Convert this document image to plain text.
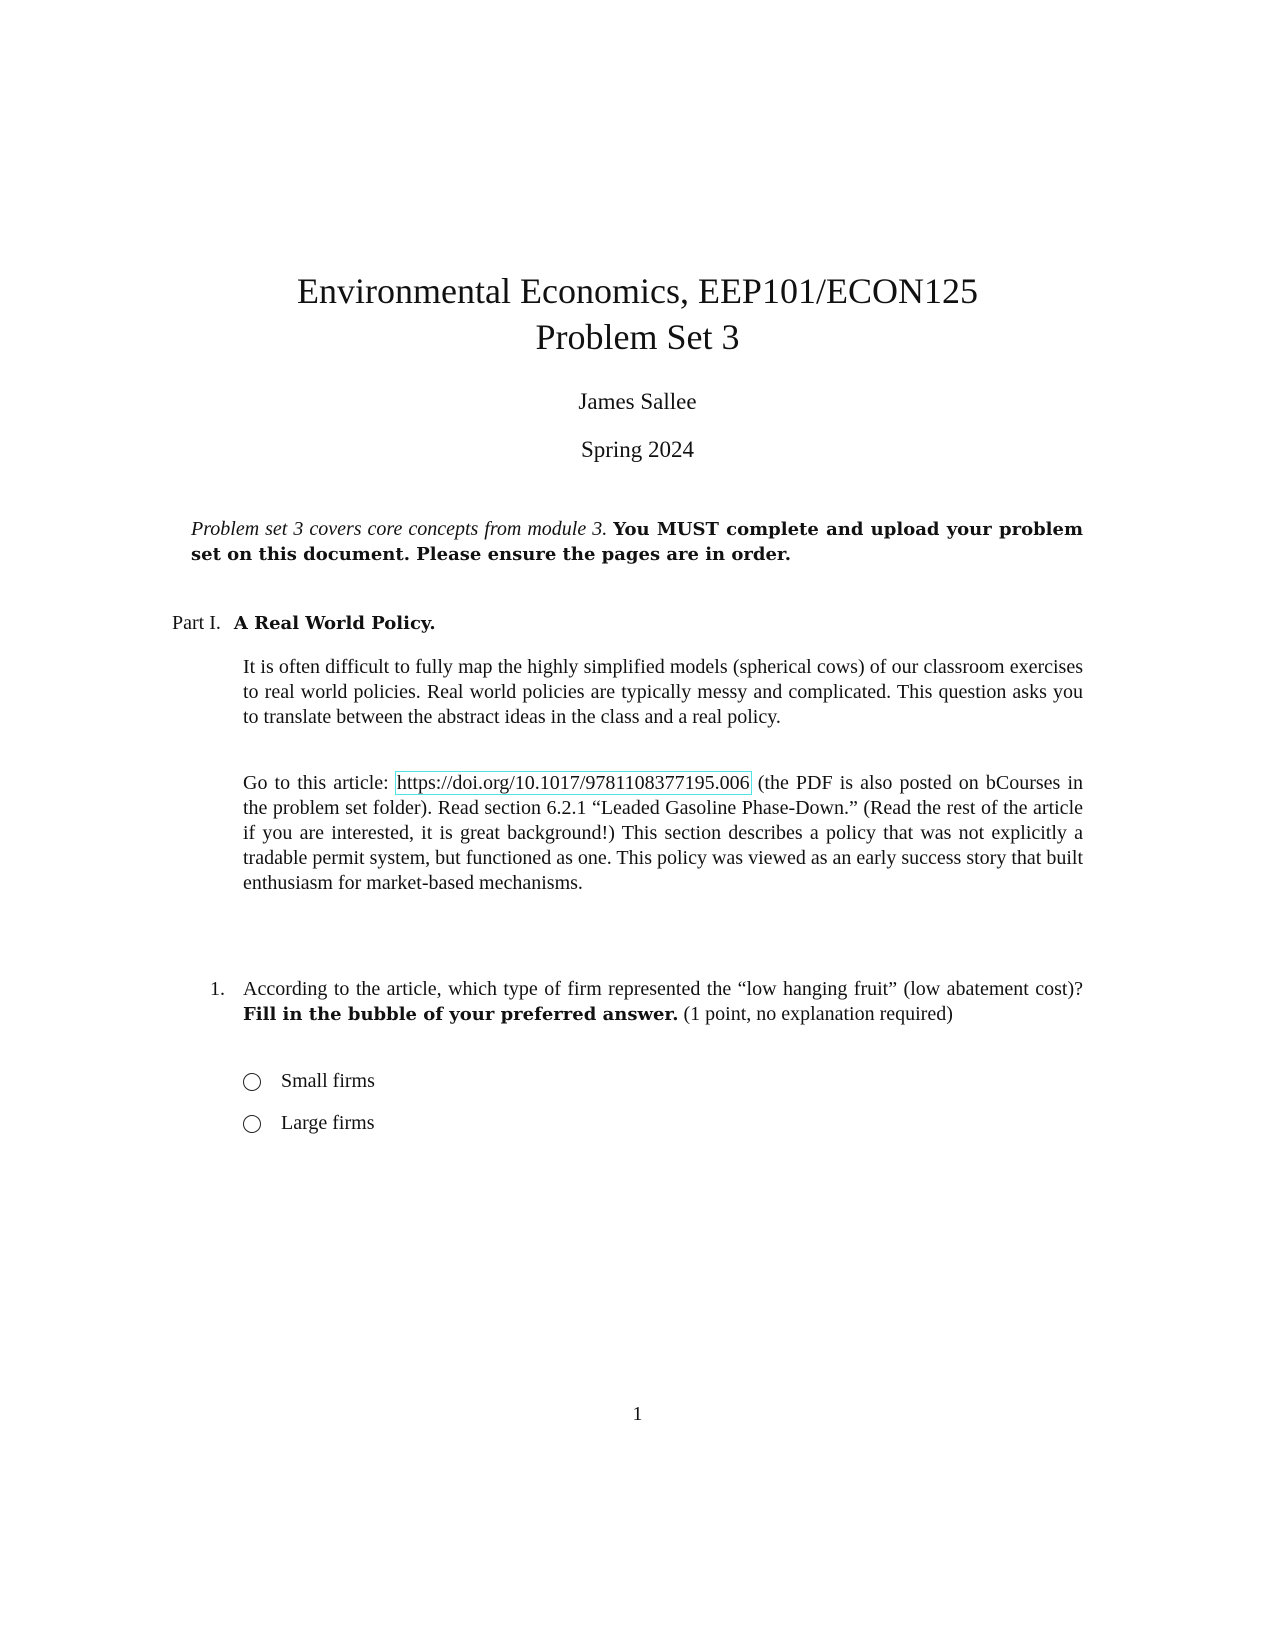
Environmental Economics, EEP101/ECON125
Problem Set 3
James Sallee
Spring 2024
Problem set 3 covers core concepts from module 3. You MUST complete and upload your problem set on this document. Please ensure the pages are in order.
Part I. A Real World Policy.

It is often difficult to fully map the highly simplified models (spherical cows) of our classroom exercises to real world policies. Real world policies are typically messy and complicated. This question asks you to translate between the abstract ideas in the class and a real policy.

Go to this article: https://doi.org/10.1017/9781108377195.006 (the PDF is also posted on bCourses in the problem set folder). Read section 6.2.1 “Leaded Gasoline Phase-Down.” (Read the rest of the article if you are interested, it is great background!) This section describes a policy that was not explicitly a tradable permit system, but functioned as one. This policy was viewed as an early success story that built enthusiasm for market-based mechanisms.

1. According to the article, which type of firm represented the “low hanging fruit” (low abatement cost)? Fill in the bubble of your preferred answer. (1 point, no explanation required)
Small firms
Large firms
1
